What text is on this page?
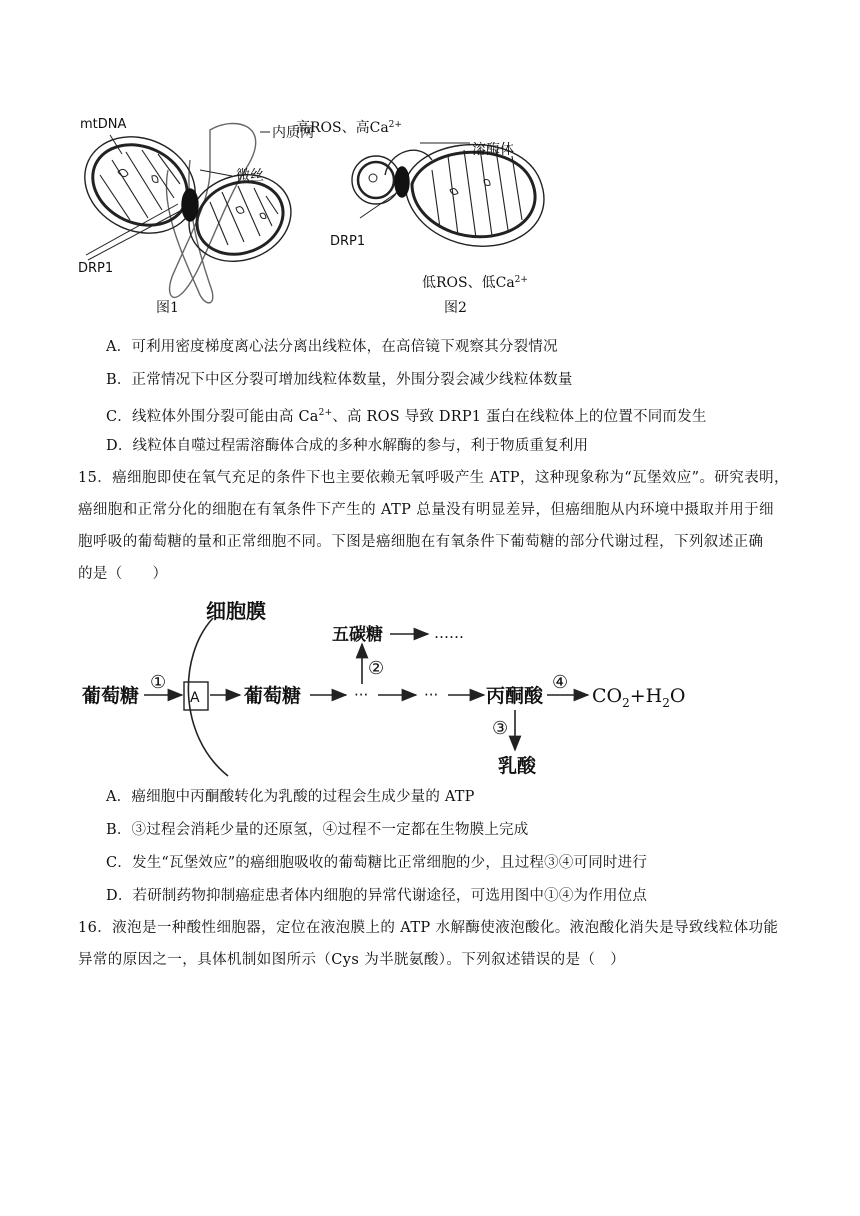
mtDNA
内质网
微丝
DRP1
图1
高ROS、高$Ca^{2+}$
溶酶体
DRP1
低ROS、低$Ca^{2+}$
图2
A．可利用密度梯度离心法分离出线粒体，在高倍镜下观察其分裂情况
B．正常情况下中区分裂可增加线粒体数量，外围分裂会减少线粒体数量
C．线粒体外围分裂可能由高 $Ca^{2+}$、高 ROS 导致 DRP1 蛋白在线粒体上的位置不同而发生
D．线粒体自噬过程需溶酶体合成的多种水解酶的参与，利于物质重复利用
15．癌细胞即使在氧气充足的条件下也主要依赖无氧呼吸产生 ATP，这种现象称为“瓦堡效应”。研究表明，
癌细胞和正常分化的细胞在有氧条件下产生的 ATP 总量没有明显差异，但癌细胞从内环境中摄取并用于细
胞呼吸的葡萄糖的量和正常细胞不同。下图是癌细胞在有氧条件下葡萄糖的部分代谢过程，下列叙述正确
的是（　　）
A
细胞膜
五碳糖	……
葡萄糖
①
葡萄糖
②
···	···	丙酮酸
④
$CO_2+H_2O$
③
乳酸
A．癌细胞中丙酮酸转化为乳酸的过程会生成少量的 ATP
B．③过程会消耗少量的还原氢，④过程不一定都在生物膜上完成
C．发生“瓦堡效应”的癌细胞吸收的葡萄糖比正常细胞的少，且过程③④可同时进行
D．若研制药物抑制癌症患者体内细胞的异常代谢途径，可选用图中①④为作用位点
16．液泡是一种酸性细胞器，定位在液泡膜上的 ATP 水解酶使液泡酸化。液泡酸化消失是导致线粒体功能
异常的原因之一，具体机制如图所示（Cys 为半胱氨酸）。下列叙述错误的是（　）
